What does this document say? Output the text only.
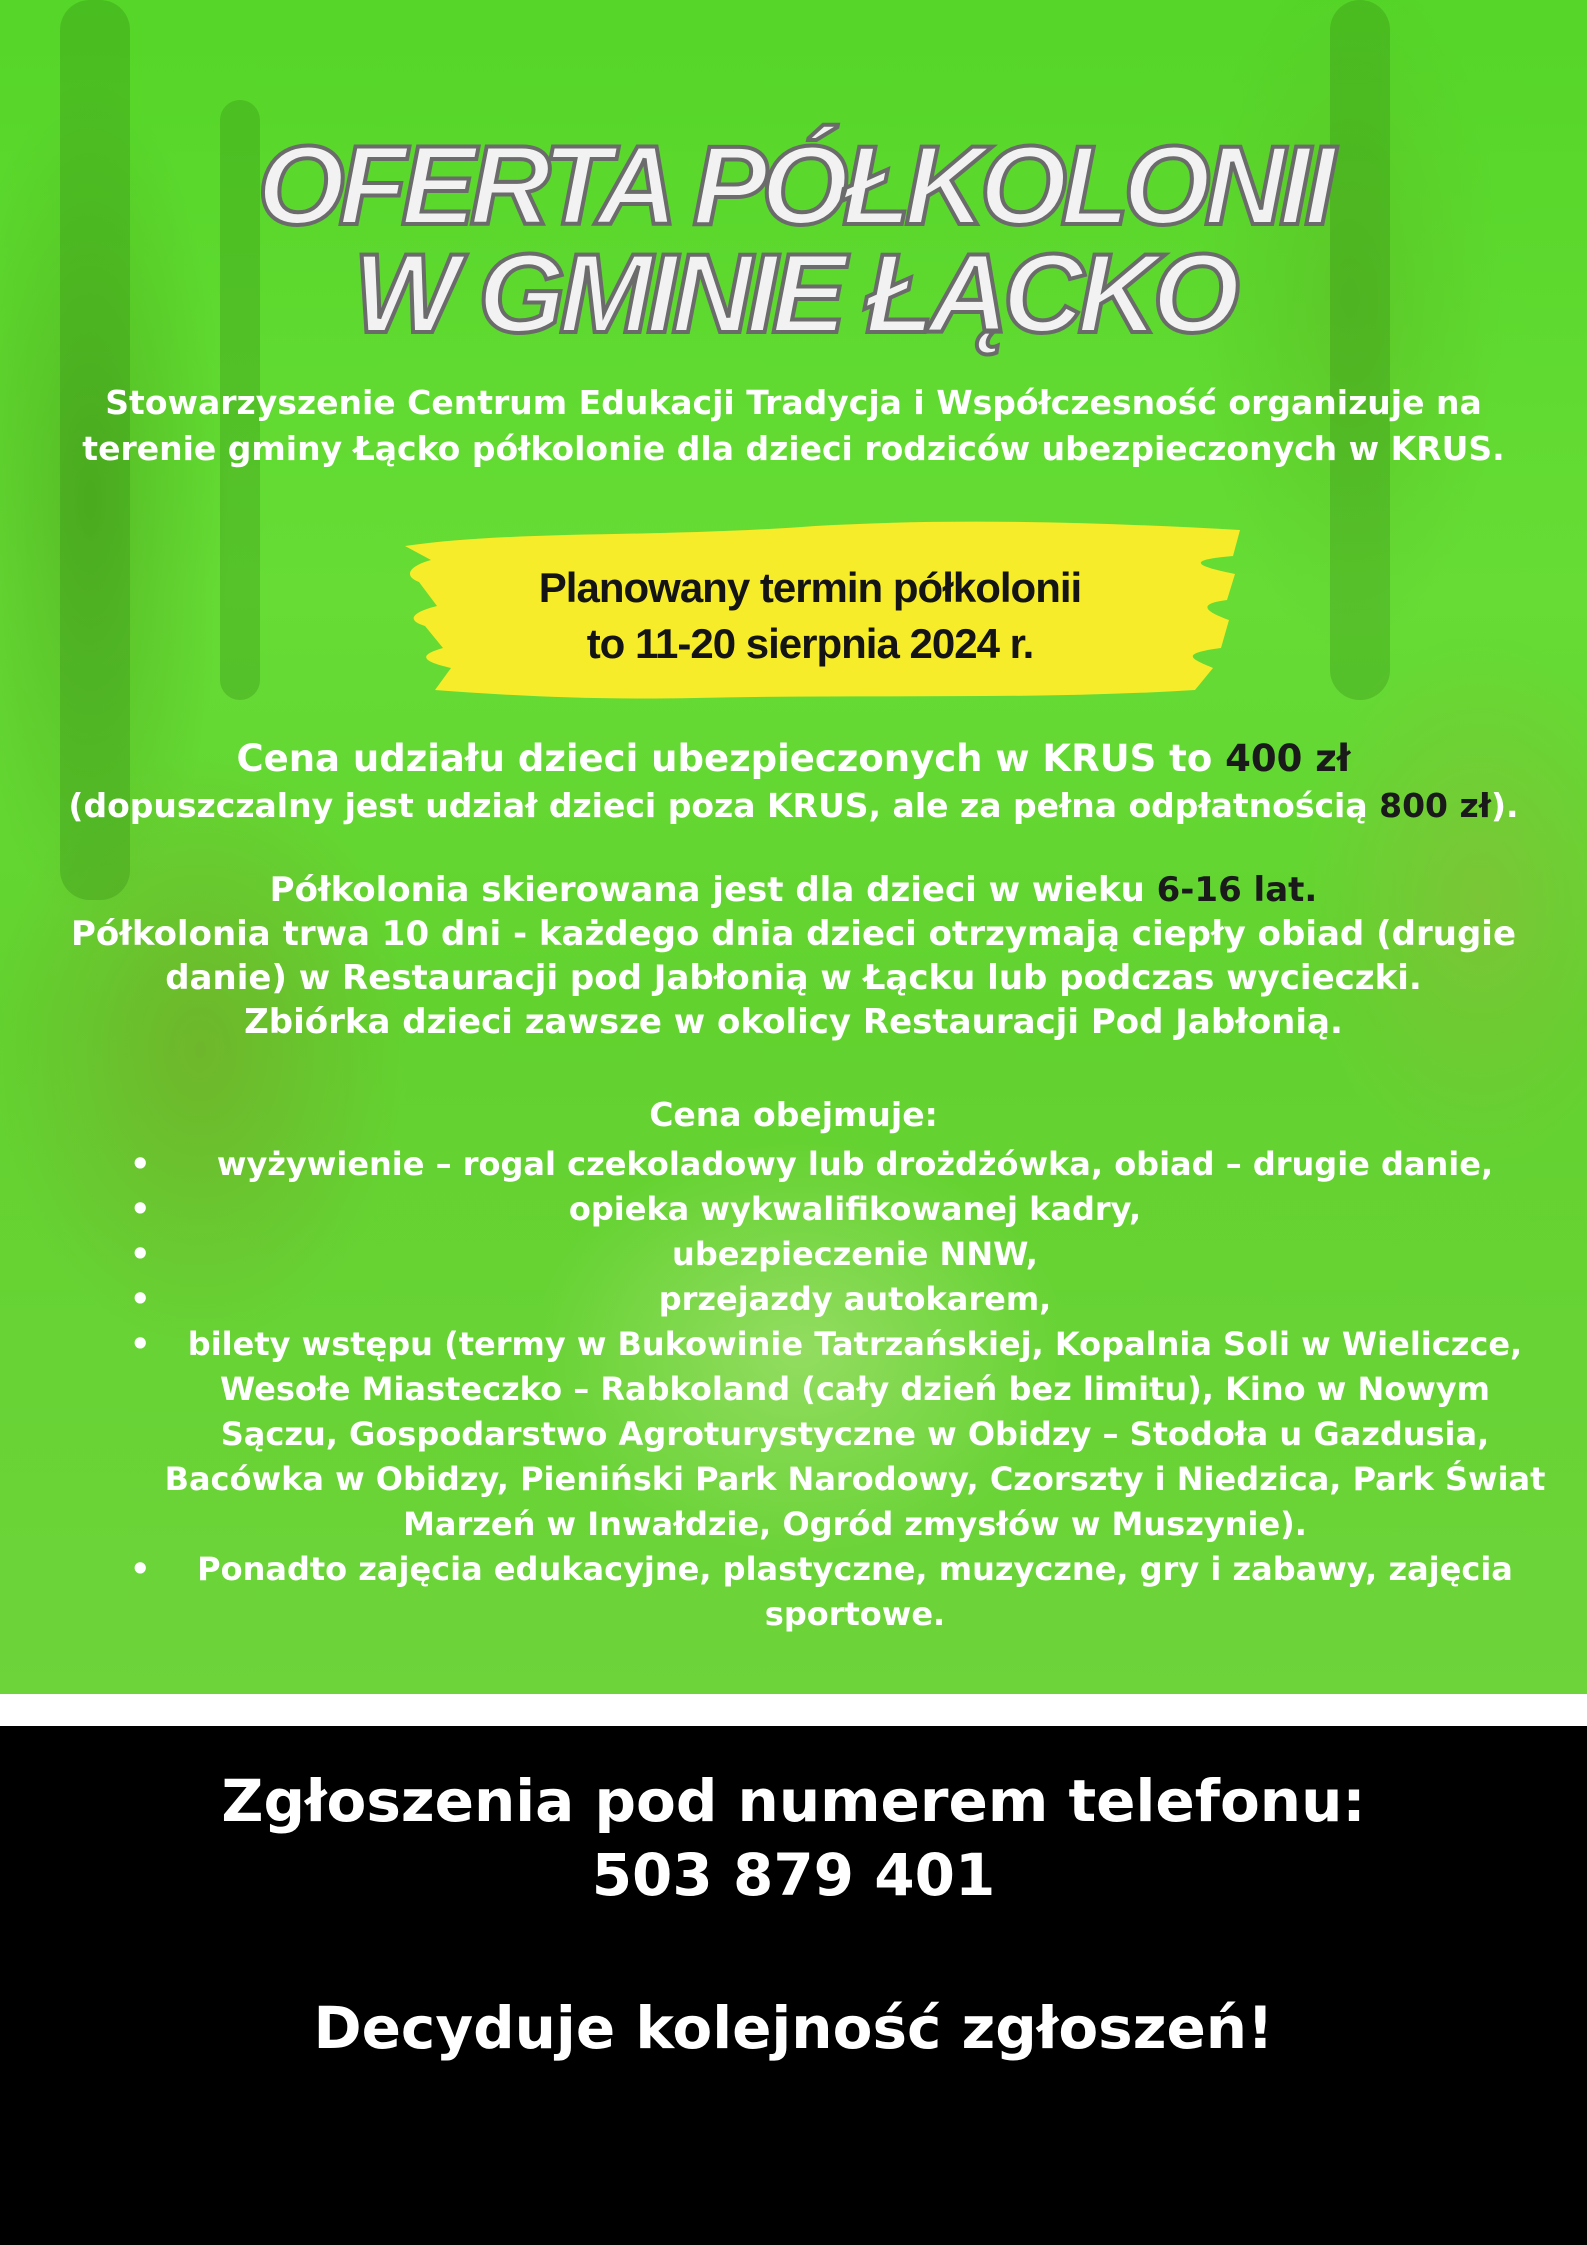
OFERTA PÓŁKOLONII
W GMINIE ŁĄCKO

Stowarzyszenie Centrum Edukacji Tradycja i Współczesność organizuje na terenie gminy Łącko półkolonie dla dzieci rodziców ubezpieczonych w KRUS.

Planowany termin półkolonii
to 11-20 sierpnia 2024 r.

Cena udziału dzieci ubezpieczonych w KRUS to 400 zł
(dopuszczalny jest udział dzieci poza KRUS, ale za pełna odpłatnością 800 zł).

Półkolonia skierowana jest dla dzieci w wieku 6-16 lat.
Półkolonia trwa 10 dni - każdego dnia dzieci otrzymają ciepły obiad (drugie danie) w Restauracji pod Jabłonią w Łącku lub podczas wycieczki.
Zbiórka dzieci zawsze w okolicy Restauracji Pod Jabłonią.

Cena obejmuje:
• wyżywienie – rogal czekoladowy lub drożdżówka, obiad – drugie danie,
•	opieka wykwalifikowanej kadry,
•	ubezpieczenie NNW,
•	przejazdy autokarem,
• bilety wstępu (termy w Bukowinie Tatrzańskiej, Kopalnia Soli w Wieliczce, Wesołe Miasteczko – Rabkoland (cały dzień bez limitu), Kino w Nowym Sączu, Gospodarstwo Agroturystyczne w Obidzy – Stodoła u Gazdusia, Bacówka w Obidzy, Pieniński Park Narodowy, Czorszty i Niedzica, Park Świat Marzeń w Inwałdzie, Ogród zmysłów w Muszynie).
• Ponadto zajęcia edukacyjne, plastyczne, muzyczne, gry i zabawy, zajęcia sportowe.

Zgłoszenia pod numerem telefonu:

503 879 401

Decyduje kolejność zgłoszeń!
